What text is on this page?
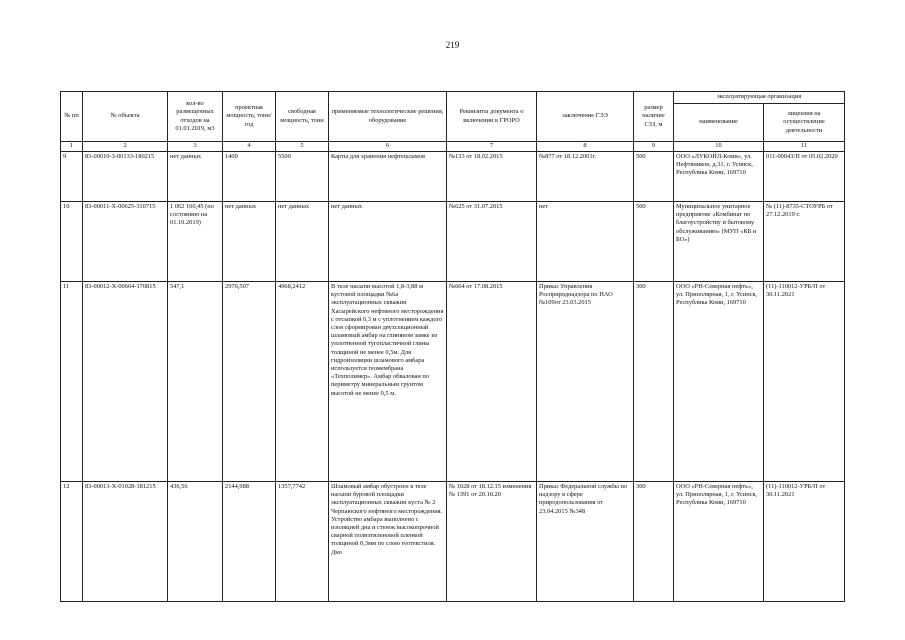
219
№ пп	№ объекта	кол-во размещенных отходов на 01.01.2019, м3	проектная мощность, тонн/год	свободная мощность, тонн	применяемые технологические решения, оборудование	Реквизиты документа о включении в ГРОРО	заключение ГЭЭ	размер наличие СЗЗ, м	эксплуатирующая организация	
									наименование	лицензия на осуществление деятельности
1	2	3	4	5	6	7	8	9	10	11
9	83-00010-З-00133-180215	нет данных	1400	5500	Карты для хранения нефтешламов	№133 от 18.02.2015	№877 от 18.12.2001г.	500	ООО «ЛУКОЙЛ-Коми», ул. Нефтяников, д.31, г. Усинск, Республика Коми, 169710	011-00043/П от 05.02.2020
10	83-00011-Х-00625-310715	1 062 100,45 (по состоянию на 01.10.2019)	нет данных	нет данных	нет данных	№625 от 31.07.2015	нет	500	Муниципальное унитарное предприятие «Комбинат по благоустройству и бытовому обслуживанию» (МУП «КБ и БО»)	№ (11)-8735-СТОУРБ от 27.12.2019 г.
11	83-00012-Х-00664-170815	547,1	2976,507	4968,2412	В теле насыпи высотой 1,8-3,88 м кустовой площадки №6а эксплуатационных скважин Хасырейского нефтяного месторождения с отсыпкой 0,3 м с уплотнением каждого слоя сформирован двухсекционный шламовый амбар на глиняном замке из уплотненной тугопластичной глины толщиной не менее 0,5м. Для гидроизоляции шламового амбара используется геомембрана «Техполимер». Амбар обвалован по периметру минеральным грунтом высотой не менее 0,5 м.	№664 от 17.08.2015	Приказ Управления Росприроднадзора по НАО №109от 23.03.2015	300	ООО «РН-Северная нефть», ул. Приполярная, 1, г. Усинск, Республика Коми, 169710	(11)-110012-УРБ/П от 30.11.2021
12	83-00013-Х-01028-181215	436,56	2144,988	1357,7742	Шламовый амбар обустроен в теле насыпи буровой площадки эксплуатационных скважин куста № 2 Черпаюского нефтяного месторождения. Устройство амбара выполнено с изоляцией дна и стенок высокопрочной сварной полиэтиленовой пленкой толщиной 0,3мм по слою геотекстиля. Дно	№ 1028 от 18.12.15 изменения № 1391 от 20.10.20	Приказ Федеральной службы по надзору в сфере природопользования от 23.04.2015 №348	300	ООО «РН-Северная нефть», ул. Приполярная, 1, г. Усинск, Республика Коми, 169710	(11)-110012-УРБ/П от 30.11.2021
